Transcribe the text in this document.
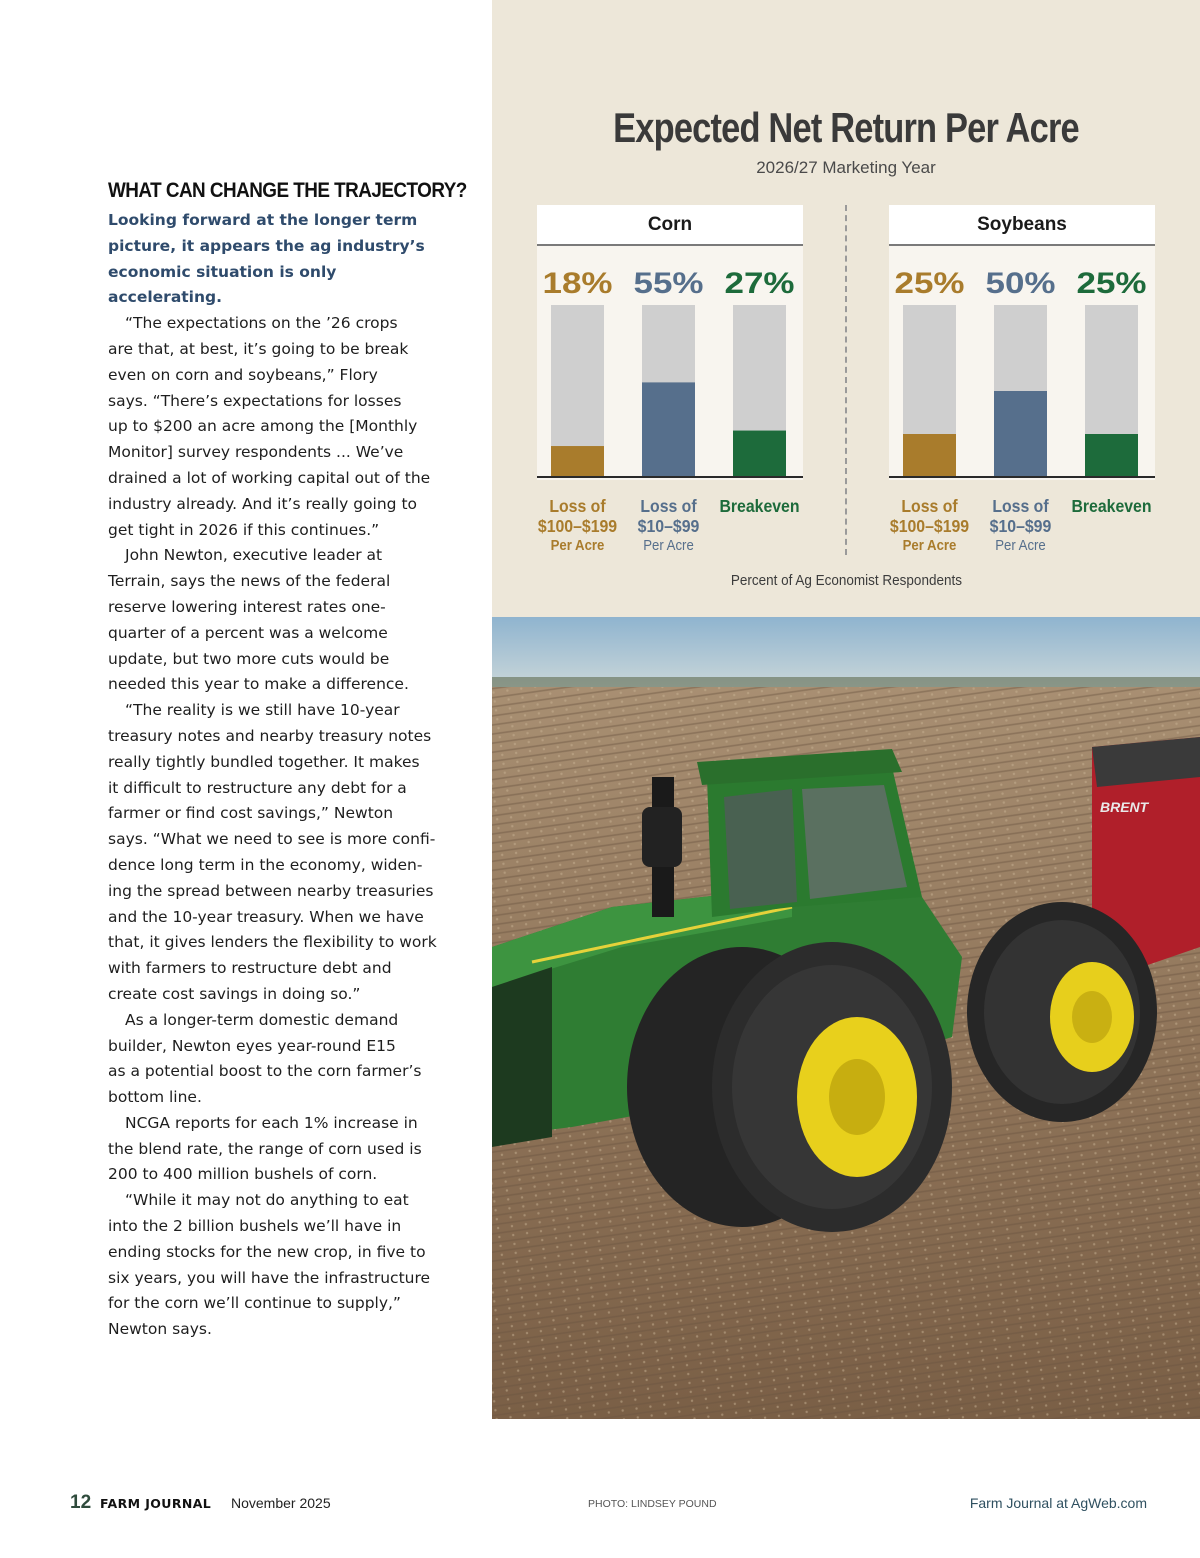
WHAT CAN CHANGE THE TRAJECTORY?
Looking forward at the longer term
picture, it appears the ag industry’s
economic situation is only accelerating.
“The expectations on the ’26 crops
are that, at best, it’s going to be break
even on corn and soybeans,” Flory
says. “There’s expectations for losses
up to $200 an acre among the [Monthly
Monitor] survey respondents ... We’ve
drained a lot of working capital out of the
industry already. And it’s really going to
get tight in 2026 if this continues.”
John Newton, executive leader at
Terrain, says the news of the federal
reserve lowering interest rates one-
quarter of a percent was a welcome
update, but two more cuts would be
needed this year to make a difference.
“The reality is we still have 10-year
treasury notes and nearby treasury notes
really tightly bundled together. It makes
it difficult to restructure any debt for a
farmer or find cost savings,” Newton
says. “What we need to see is more confi-
dence long term in the economy, widen-
ing the spread between nearby treasuries
and the 10-year treasury. When we have
that, it gives lenders the flexibility to work
with farmers to restructure debt and
create cost savings in doing so.”
As a longer-term domestic demand
builder, Newton eyes year-round E15
as a potential boost to the corn farmer’s
bottom line.
NCGA reports for each 1% increase in
the blend rate, the range of corn used is
200 to 400 million bushels of corn.
“While it may not do anything to eat
into the 2 billion bushels we’ll have in
ending stocks for the new crop, in five to
six years, you will have the infrastructure
for the corn we’ll continue to supply,”
Newton says.
Expected Net Return Per Acre
2026/27 Marketing Year
Corn	Soybeans
18%
Loss of
$100–$199
Per Acre
55%
Loss of
$10–$99
Per Acre
27%
Breakeven
25%
Loss of
$100–$199
Per Acre
50%
Loss of
$10–$99
Per Acre
25%
Breakeven
Percent of Ag Economist Respondents
BRENT
12 FARM JOURNAL November 2025	PHOTO: LINDSEY POUND	Farm Journal at AgWeb.com
